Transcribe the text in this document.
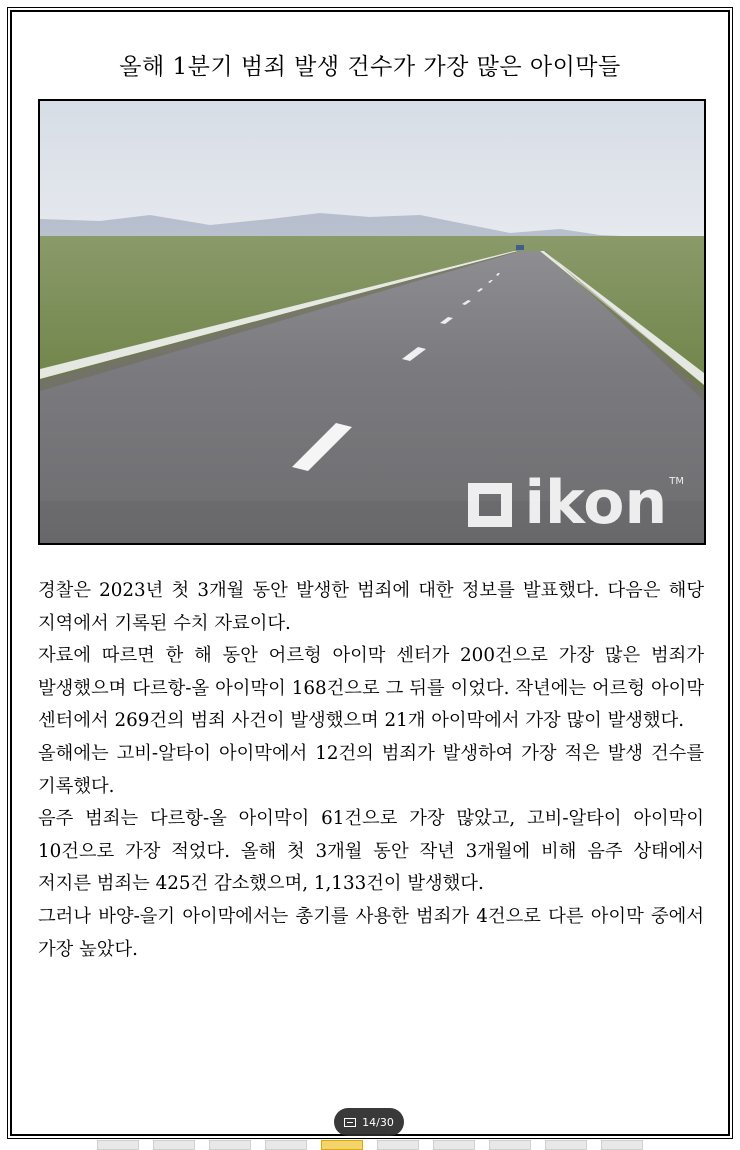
올해 1분기 범죄 발생 건수가 가장 많은 아이막들
ikon TM

경찰은 2023년 첫 3개월 동안 발생한 범죄에 대한 정보를 발표했다. 다음은 해당 지역에서 기록된 수치 자료이다.

자료에 따르면 한 해 동안 어르헝 아이막 센터가 200건으로 가장 많은 범죄가 발생했으며 다르항-올 아이막이 168건으로 그 뒤를 이었다. 작년에는 어르헝 아이막 센터에서 269건의 범죄 사건이 발생했으며 21개 아이막에서 가장 많이 발생했다.

올해에는 고비-알타이 아이막에서 12건의 범죄가 발생하여 가장 적은 발생 건수를 기록했다.

음주 범죄는 다르항-올 아이막이 61건으로 가장 많았고, 고비-알타이 아이막이 10건으로 가장 적었다. 올해 첫 3개월 동안 작년 3개월에 비해 음주 상태에서 저지른 범죄는 425건 감소했으며, 1,133건이 발생했다.

그러나 바양-을기 아이막에서는 총기를 사용한 범죄가 4건으로 다른 아이막 중에서 가장 높았다.

14/30
